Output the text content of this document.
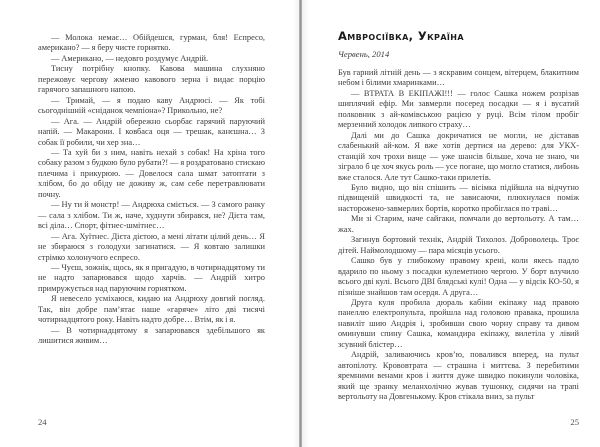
— Молока немає… Обійдешся, гурман, бля! Еспресо, американо? — я беру чисте горнятко.

— Американо, — недовго роздумує Андрій.

Тисну потрібну кнопку. Кавова машина слухняно пережовує чергову жменю кавового зерна і видає порцію гарячого запашного напою.

— Тримай, — я подаю каву Андрюсі. — Як тобі сьогоднішній «сніданок чемпіона»? Прикольно, не?

— Ага. — Андрій обережно сьорбає гарячий паруючий напій. — Макарони. І ковбаса оця — трешак, канєшна… З собак її робили, чи хер зна…

— Та хуй би з ним, навіть нехай з собак! На хріна того собаку разом з будкою було рубати?! — я роздратовано стискаю плечима і прикурюю. — Довелося сала шмат затоптати з хлібом, бо до обіду не доживу ж, сам себе перетравлювати почну.

— Ну ти й монстр! — Андрюха сміється. — З самого ранку — сала з хлібом. Ти ж, наче, худнути збирався, не? Дієта там, всі діла… Спорт, фітнес-шмітнес…

— Ага. Хуїтнес. Дієта дієтою, а мені літати цілий день… Я не збираюся з голодухи загинатися. — Я ковтаю залишки стрімко холонучого еспресо.

— Чуєш, зожнік, щось, як я пригадую, в чотирнадцятому ти не надто запарювався щодо харчів. — Андрій хитро примружується над паруючим горнятком.

Я невесело усміхаюся, кидаю на Андрюху довгий погляд. Так, він добре пам’ятає наше «гаряче» літо дві тисячі чотирнадцятого року. Навіть надто добре… Втім, як і я.

— В чотирнадцятому я запарювався здебільшого як лишитися живим…

24
Амвросіївка, Україна
Червень, 2014

Був гарний літній день — з яскравим сонцем, вітерцем, блакитним небом і білими хмаринками…

— ВТРАТА В ЕКІПАЖІ!!! — голос Сашка ножем розрізав шиплячий ефір. Ми завмерли посеред посадки — я і вусатий полковник з ай-комівською рацією у руці. Всім тілом пробіг мерзенний холодок липкого страху…

Далі ми до Сашка докричатися не могли, не діставав слабенький ай-ком. Я вже хотів дертися на дерево: для УКХ-станцій хоч трохи вище — уже шансів більше, хоча не знаю, чи зіграло б це хоч якусь роль — усе погане, що могло статися, либонь вже сталося. Але тут Сашко-таки прилетів.

Було видно, що він спішить — вісімка підійшла на відчутно підвищеній швидкості та, не зависаючи, плюхнулася поміж насторожено-завмерлих бортів, коротко пробіглася по траві…

Ми зі Старим, наче сайгаки, помчали до вертольоту. А там… жах.

Загинув бортовий технік, Андрій Тихолоз. Доброволець. Троє дітей. Наймолодшому — пара місяців усього.

Сашко був у глибокому правому крені, коли якесь падло вдарило по ньому з посадки кулеметною чергою. У борт влучило всього дві кулі. Всього ДВІ блядські кулі! Одна — у відсік КО-50, я пізніше знайшов там осердя. А друга…

Друга куля пробила дюраль кабіни екіпажу над правою панеллю електропульта, пройшла над головою правака, прошила навиліт шию Андрія і, зробивши свою чорну справу та дивом оминувши спину Сашка, командира екіпажу, вилетіла у лівий зсувний блістер…

Андрій, заливаючись кров’ю, повалився вперед, на пульт автопілоту. Крововтрата — страшна і миттєва. З перебитими яремними венами кров і життя дуже швидко покинули чоловіка, який ще зранку меланхолічно жував тушонку, сидячи на трапі вертольоту на Довгенькому. Кров стікала вниз, за пульт

25
